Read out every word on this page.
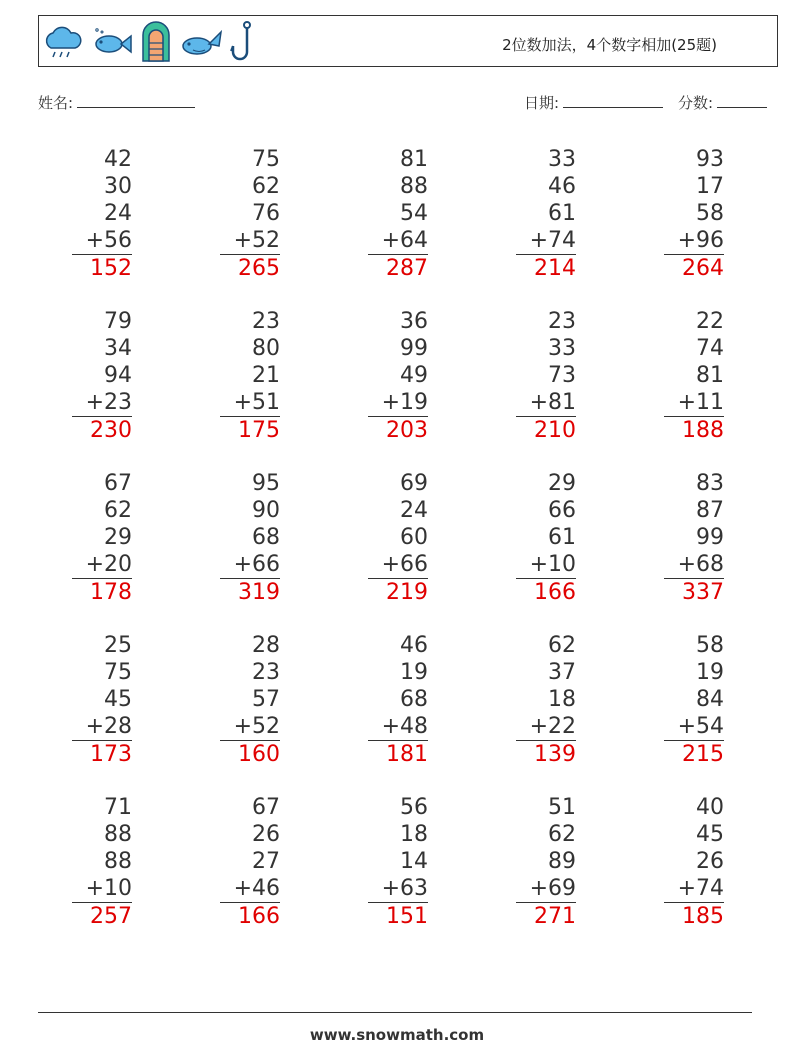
2位数加法，4个数字相加(25题)
姓名:	日期:	分数:
42
30
24
+56
152
75
62
76
+52
265
81
88
54
+64
287
33
46
61
+74
214
93
17
58
+96
264
79
34
94
+23
230
23
80
21
+51
175
36
99
49
+19
203
23
33
73
+81
210
22
74
81
+11
188
67
62
29
+20
178
95
90
68
+66
319
69
24
60
+66
219
29
66
61
+10
166
83
87
99
+68
337
25
75
45
+28
173
28
23
57
+52
160
46
19
68
+48
181
62
37
18
+22
139
58
19
84
+54
215
71
88
88
+10
257
67
26
27
+46
166
56
18
14
+63
151
51
62
89
+69
271
40
45
26
+74
185
www.snowmath.com
